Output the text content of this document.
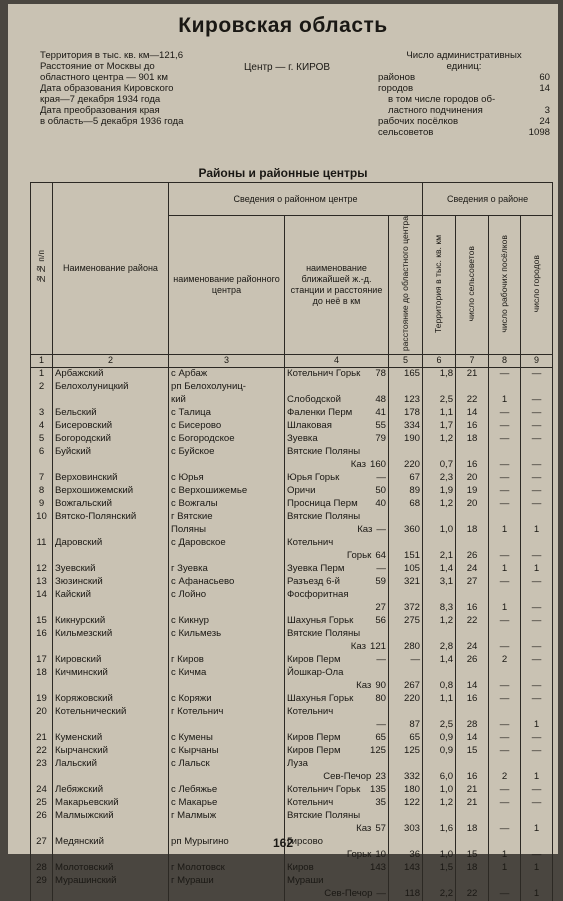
Кировская область
Территория в тыс. кв. км—121,6
Расстояние от Москвы до
областного центра — 901 км
Дата образования Кировского
края—7 декабря 1934 года
Дата преобразования края
в область—5 декабря 1936 года
Центр — г. КИРОВ
Число административных
единиц:
районов	60
городов	14
в том числе городов об-
ластного подчинения	3
рабочих посёлков	24
сельсоветов	1098
Районы и районные центры
№№ п/п	Наименование района	Сведения о районном центре			Сведения о районе			
		наименование районного центра	наименование ближайшей ж.-д. станции и расстояние до неё в км	расстояние до областного центра	Территория в тыс. кв. км	число сельсоветов	число рабочих посёлков	число городов
1	2	3	4	5	6	7	8	9
1	Арбажский	с Арбаж	Котельнич Горьк 78	165	1,8	21	—	—
2	Белохолуницкий	рп Белохолуниц-	

		кий	Слободской 48	123	2,5	22	1	—
3	Бельский	с Талица	Фаленки Перм 41	178	1,1	14	—	—
4	Бисеровский	с Бисерово	Шлаковая 55	334	1,7	16	—	—
5	Богородский	с Богородское	Зуевка 79	190	1,2	18	—	—
6	Буйский	с Буйское	Вятские Поляны					

			Каз 160	220	0,7	16	—	—
7	Верховинский	с Юрья	Юрья Горьк —	67	2,3	20	—	—
8	Верхошижемский	с Верхошижемье	Оричи 50	89	1,9	19	—	—
9	Вожгальский	с Вожгалы	Просница Перм 40	68	1,2	20	—	—
10	Вятско-Полянский	г Вятские	Вятские Поляны					

		Поляны	Каз —	360	1,0	18	1	1
11	Даровский	с Даровское	Котельнич					

			Горьк 64	151	2,1	26	—	—
12	Зуевский	г Зуевка	Зуевка Перм —	105	1,4	24	1	1
13	Зюзинский	с Афанасьево	Разъезд 6-й 59	321	3,1	27	—	—
14	Кайский	с Лойно	Фосфоритная					

			27	372	8,3	16	1	—
15	Кикнурский	с Кикнур	Шахунья Горьк 56	275	1,2	22	—	—
16	Кильмезский	с Кильмезь	Вятские Поляны					

			Каз 121	280	2,8	24	—	—
17	Кировский	г Киров	Киров Перм —	—	1,4	26	2	—
18	Кичминский	с Кичма	Йошкар-Ола					

			Каз 90	267	0,8	14	—	—
19	Коряжовский	с Коряжи	Шахунья Горьк 80	220	1,1	16	—	—
20	Котельнический	г Котельнич	Котельнич					

			—	87	2,5	28	—	1
21	Куменский	с Кумены	Киров Перм 65	65	0,9	14	—	—
22	Кырчанский	с Кырчаны	Киров Перм 125	125	0,9	15	—	—
23	Лальский	с Лальск	Луза					

			Сев-Печор 23	332	6,0	16	2	1
24	Лебяжский	с Лебяжье	Котельнич Горьк 135	180	1,0	21	—	—
25	Макарьевский	с Макарье	Котельнич 35	122	1,2	21	—	—
26	Малмыжский	г Малмыж	Вятские Поляны					

			Каз 57	303	1,6	18	—	1
27	Медянский	рп Мурыгино	Гирсово					

			Горьк 10	36	1,0	15	1	—
28	Молотовский	г Молотовск	Киров 143	143	1,5	18	1	1
29	Мурашинский	г Мураши	Мураши					

			Сев-Печор —	118	2,2	22	—	1
162
